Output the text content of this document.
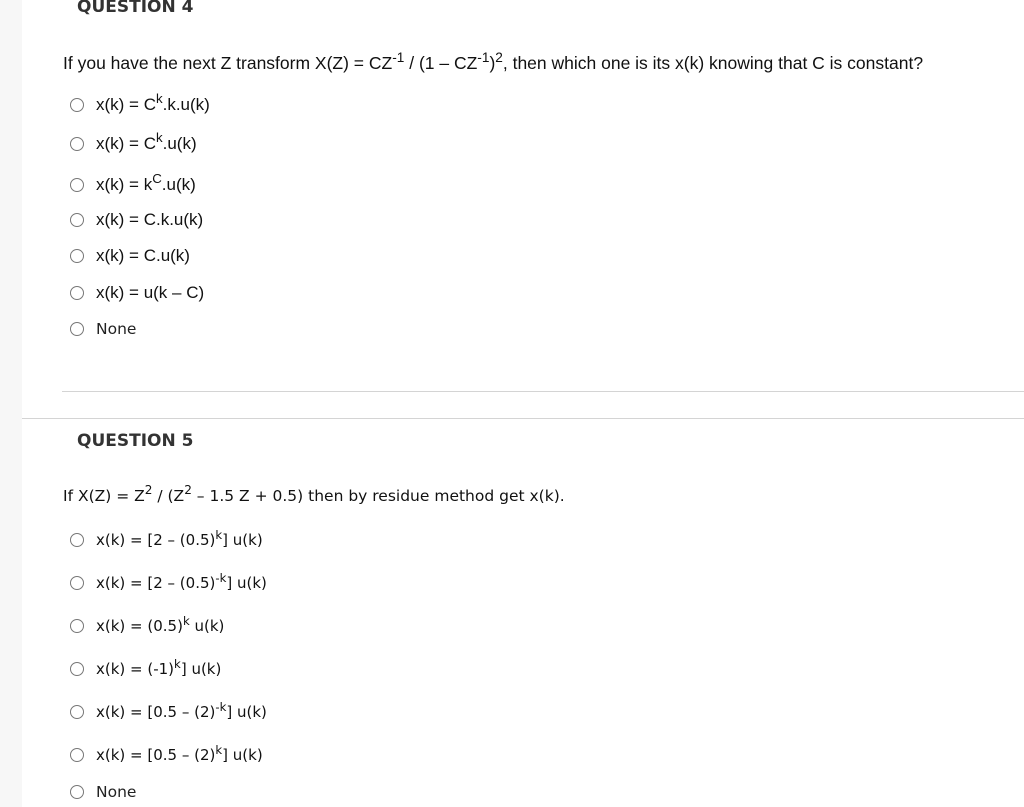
QUESTION 4
If you have the next Z transform $X(Z) = CZ^{-1} / (1 - CZ^{-1})^2$, then which one is its x(k) knowing that C is constant?
$x(k) = C^k.k.u(k)$
$x(k) = C^k.u(k)$
$x(k) = k^C.u(k)$
x(k) = C.k.u(k)
x(k) = C.u(k)
x(k) = u(k – C)
None
QUESTION 5
If $X(Z) = Z^2 / (Z^2 - 1.5$ Z + 0.5) then by residue method get x(k).
$x(k) = [2 - (0.5)^k]$ u(k)
$x(k) = [2 - (0.5)^{-k}]$ u(k)
$x(k) = (0.5)^k$ u(k)
$x(k) = (-1)^k$] u(k)
$x(k) = [0.5 - (2)^{-k}]$ u(k)
$x(k) = [0.5 - (2)^k]$ u(k)
None
